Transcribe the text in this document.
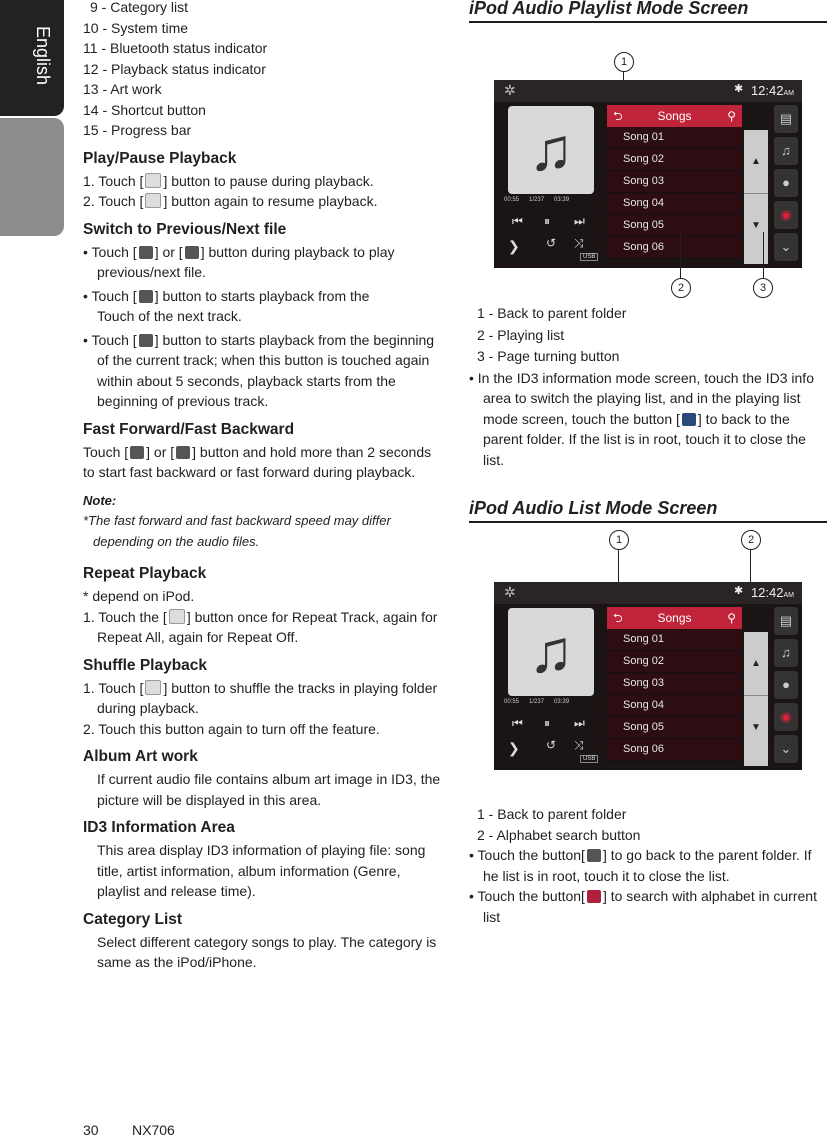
English
Owner's Manual

9 - Category list

10 - System time

11 - Bluetooth status indicator

12 - Playback status indicator

13 - Art work

14 - Shortcut button

15 - Progress bar

Play/Pause Playback

1. Touch [ ] button to pause during playback.

2. Touch [ ] button again to resume playback.

Switch to Previous/Next file

• Touch [ ] or [ ] button during playback to play previous/next file.

• Touch [ ] button to starts playback from the
Touch of the next track.

• Touch [ ] button to starts playback from the beginning of the current track; when this button is touched again within about 5 seconds, playback starts from the beginning of previous track.

Fast Forward/Fast Backward

Touch [ ] or [ ] button and hold more than 2 seconds to start fast backward or fast forward during playback.

Note:

*The fast forward and fast backward speed may differ depending on the audio files.

Repeat Playback

* depend on iPod.

1. Touch the [ ] button once for Repeat Track, again for Repeat All, again for Repeat Off.

Shuffle Playback

1. Touch [ ] button to shuffle the tracks in playing folder during playback.

2. Touch this button again to turn off the feature.

Album Art work

If current audio file contains album art image in ID3, the picture will be displayed in this area.

ID3 Information Area

This area display ID3 information of playing file: song title, artist information, album information (Genre, playlist and release time).

Category List

Select different category songs to play. The category is same as the iPod/iPhone.

iPod Audio Playlist Mode Screen
1
✲	✱ 12:42AM
♫
00:55 1/237 03:39
⏮ ⏸ ⏭
❯ ↺ ⤨
USB
⮌	Songs	⚲
Song 01
Song 02
Song 03
Song 04
Song 05
Song 06
▲
▼
▤
♫
●
◉
⌄
2	3

1 - Back to parent folder

2 - Playing list

3 - Page turning button

• In the ID3 information mode screen, touch the ID3 info area to switch the playing list, and in the playing list mode screen, touch the button [ ] to back to the parent folder. If the list is in root, touch it to close the list.

iPod Audio List Mode Screen
1	2
✲	✱ 12:42AM
♫
00:55 1/237 03:39
⏮ ⏸ ⏭
❯ ↺ ⤨
USB
⮌	Songs	⚲
Song 01
Song 02
Song 03
Song 04
Song 05
Song 06
▲
▼
▤
♫
●
◉
⌄

1 - Back to parent folder

2 - Alphabet search button

• Touch the button[ ] to go back to the parent folder. If he list is in root, touch it to close the list.

• Touch the button[ ] to search with alphabet in current list

30 NX706
